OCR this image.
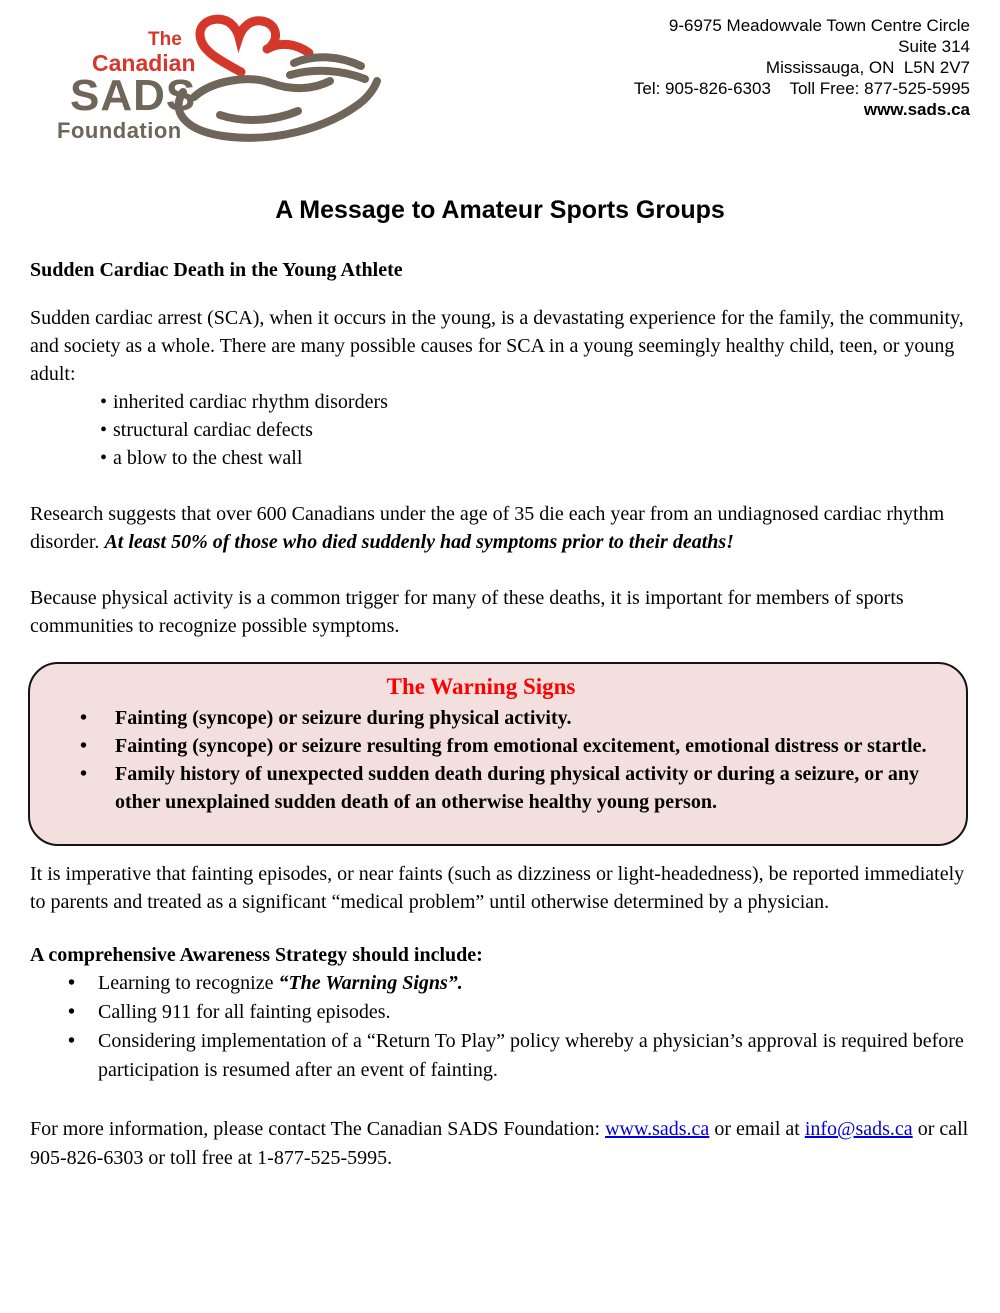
The
Canadian
SADS
Foundation
9-6975 Meadowvale Town Centre Circle
Suite 314
Mississauga, ON  L5N 2V7
Tel: 905-826-6303    Toll Free: 877-525-5995
www.sads.ca
A Message to Amateur Sports Groups
Sudden Cardiac Death in the Young Athlete

Sudden cardiac arrest (SCA), when it occurs in the young, is a devastating experience for the family, the community, and society as a whole. There are many possible causes for SCA in a young seemingly healthy child, teen, or young adult:

• inherited cardiac rhythm disorders
• structural cardiac defects
• a blow to the chest wall

Research suggests that over 600 Canadians under the age of 35 die each year from an undiagnosed cardiac rhythm disorder. At least 50% of those who died suddenly had symptoms prior to their deaths!

Because physical activity is a common trigger for many of these deaths, it is important for members of sports communities to recognize possible symptoms.

The Warning Signs
• Fainting (syncope) or seizure during physical activity.
• Fainting (syncope) or seizure resulting from emotional excitement, emotional distress or startle.
• Family history of unexpected sudden death during physical activity or during a seizure, or any other unexplained sudden death of an otherwise healthy young person.

It is imperative that fainting episodes, or near faints (such as dizziness or light-headedness), be reported immediately to parents and treated as a significant “medical problem” until otherwise determined by a physician.

A comprehensive Awareness Strategy should include:
• Learning to recognize “The Warning Signs”.
• Calling 911 for all fainting episodes.
• Considering implementation of a “Return To Play” policy whereby a physician’s approval is required before participation is resumed after an event of fainting.

For more information, please contact The Canadian SADS Foundation: www.sads.ca or email at info@sads.ca or call 905-826-6303 or toll free at 1-877-525-5995.
